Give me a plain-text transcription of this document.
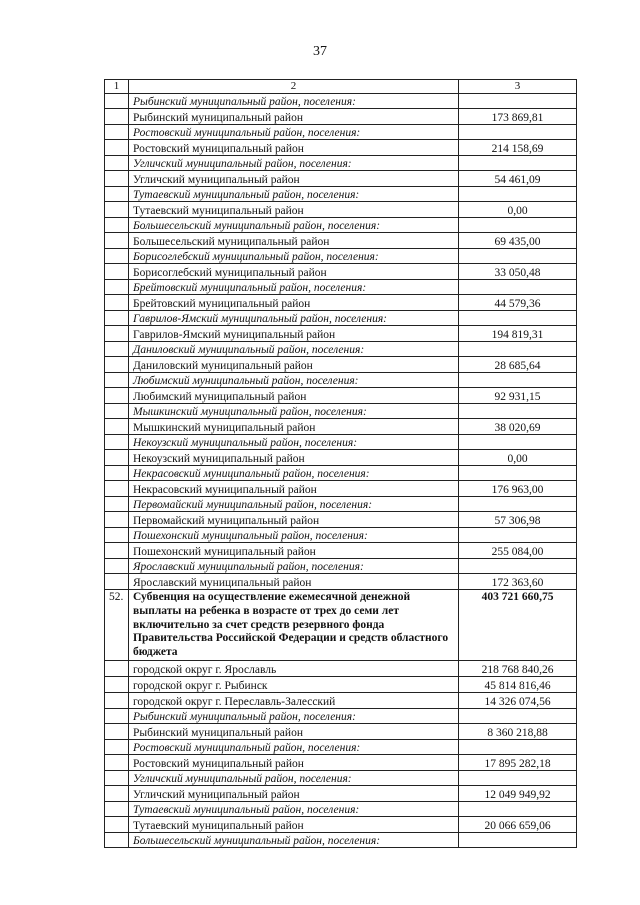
37
1	2	3
	Рыбинский муниципальный район, поселения:	
	Рыбинский муниципальный район	173 869,81
	Ростовский муниципальный район, поселения:	
	Ростовский муниципальный район	214 158,69
	Угличский муниципальный район, поселения:	
	Угличский муниципальный район	54 461,09
	Тутаевский муниципальный район, поселения:	
	Тутаевский муниципальный район	0,00
	Большесельский муниципальный район, поселения:	
	Большесельский муниципальный район	69 435,00
	Борисоглебский муниципальный район, поселения:	
	Борисоглебский муниципальный район	33 050,48
	Брейтовский муниципальный район, поселения:	
	Брейтовский муниципальный район	44 579,36
	Гаврилов-Ямский муниципальный район, поселения:	
	Гаврилов-Ямский муниципальный район	194 819,31
	Даниловский муниципальный район, поселения:	
	Даниловский муниципальный район	28 685,64
	Любимский муниципальный район, поселения:	
	Любимский муниципальный район	92 931,15
	Мышкинский муниципальный район, поселения:	
	Мышкинский муниципальный район	38 020,69
	Некоузский муниципальный район, поселения:	
	Некоузский муниципальный район	0,00
	Некрасовский муниципальный район, поселения:	
	Некрасовский муниципальный район	176 963,00
	Первомайский муниципальный район, поселения:	
	Первомайский муниципальный район	57 306,98
	Пошехонский муниципальный район, поселения:	
	Пошехонский муниципальный район	255 084,00
	Ярославский муниципальный район, поселения:	
	Ярославский муниципальный район	172 363,60
52.	Субвенция на осуществление ежемесячной денежной выплаты на ребенка в возрасте от трех до семи лет включительно за счет средств резервного фонда Правительства Российской Федерации и средств областного бюджета	403 721 660,75
	городской округ г. Ярославль	218 768 840,26
	городской округ г. Рыбинск	45 814 816,46
	городской округ г. Переславль-Залесский	14 326 074,56
	Рыбинский муниципальный район, поселения:	
	Рыбинский муниципальный район	8 360 218,88
	Ростовский муниципальный район, поселения:	
	Ростовский муниципальный район	17 895 282,18
	Угличский муниципальный район, поселения:	
	Угличский муниципальный район	12 049 949,92
	Тутаевский муниципальный район, поселения:	
	Тутаевский муниципальный район	20 066 659,06
	Большесельский муниципальный район, поселения:	
